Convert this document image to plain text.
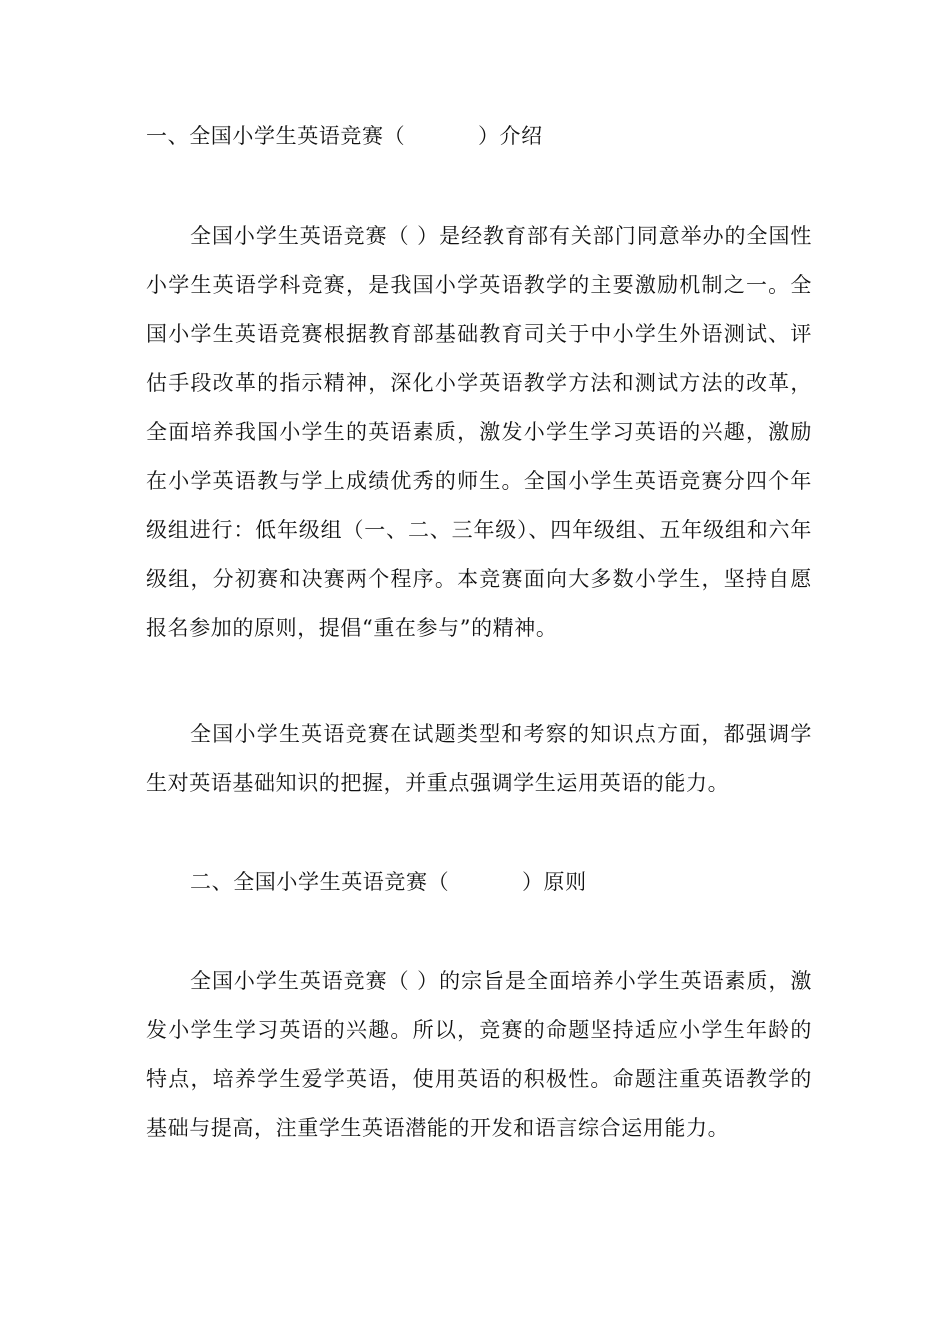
一、全国小学生英语竞赛（          ）介绍

全国小学生英语竞赛（ ）是经教育部有关部门同意举办的全国性小学生英语学科竞赛，是我国小学英语教学的主要激励机制之一。全国小学生英语竞赛根据教育部基础教育司关于中小学生外语测试、评估手段改革的指示精神，深化小学英语教学方法和测试方法的改革，全面培养我国小学生的英语素质，激发小学生学习英语的兴趣，激励在小学英语教与学上成绩优秀的师生。全国小学生英语竞赛分四个年级组进行：低年级组（一、二、三年级）、四年级组、五年级组和六年级组，分初赛和决赛两个程序。本竞赛面向大多数小学生，坚持自愿报名参加的原则，提倡“重在参与”的精神。

全国小学生英语竞赛在试题类型和考察的知识点方面，都强调学生对英语基础知识的把握，并重点强调学生运用英语的能力。

二、全国小学生英语竞赛（          ）原则

全国小学生英语竞赛（ ）的宗旨是全面培养小学生英语素质，激发小学生学习英语的兴趣。所以，竞赛的命题坚持适应小学生年龄的特点，培养学生爱学英语，使用英语的积极性。命题注重英语教学的基础与提高，注重学生英语潜能的开发和语言综合运用能力。
